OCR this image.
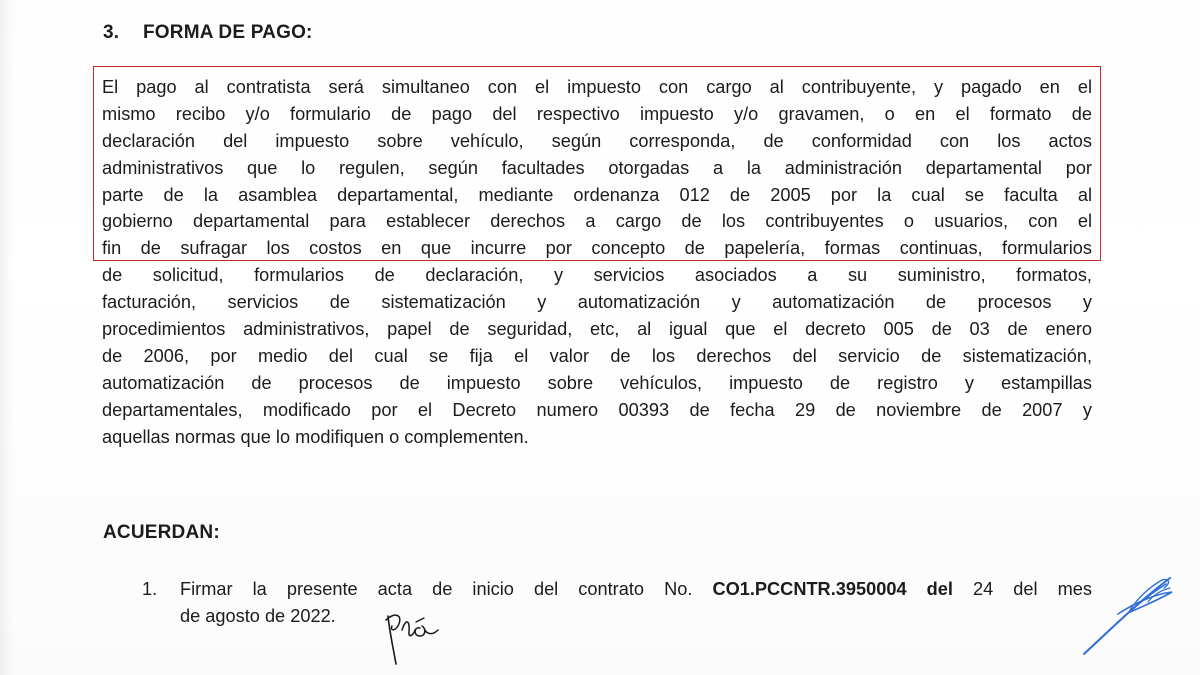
3. FORMA DE PAGO:
El pago al contratista será simultaneo con el impuesto con cargo al contribuyente, y pagado en el
mismo recibo y/o formulario de pago del respectivo impuesto y/o gravamen, o en el formato de
declaración del impuesto sobre vehículo, según corresponda, de conformidad con los actos
administrativos que lo regulen, según facultades otorgadas a la administración departamental por
parte de la asamblea departamental, mediante ordenanza 012 de 2005 por la cual se faculta al
gobierno departamental para establecer derechos a cargo de los contribuyentes o usuarios, con el
fin de sufragar los costos en que incurre por concepto de papelería, formas continuas, formularios
de solicitud, formularios de declaración, y servicios asociados a su suministro, formatos,
facturación, servicios de sistematización y automatización y automatización de procesos y
procedimientos administrativos, papel de seguridad, etc, al igual que el decreto 005 de 03 de enero
de 2006, por medio del cual se fija el valor de los derechos del servicio de sistematización,
automatización de procesos de impuesto sobre vehículos, impuesto de registro y estampillas
departamentales, modificado por el Decreto numero 00393 de fecha 29 de noviembre de 2007 y
aquellas normas que lo modifiquen o complementen.
ACUERDAN:
1. Firmar la presente acta de inicio del contrato No. CO1.PCCNTR.3950004 del 24 del mes
de agosto de 2022.
